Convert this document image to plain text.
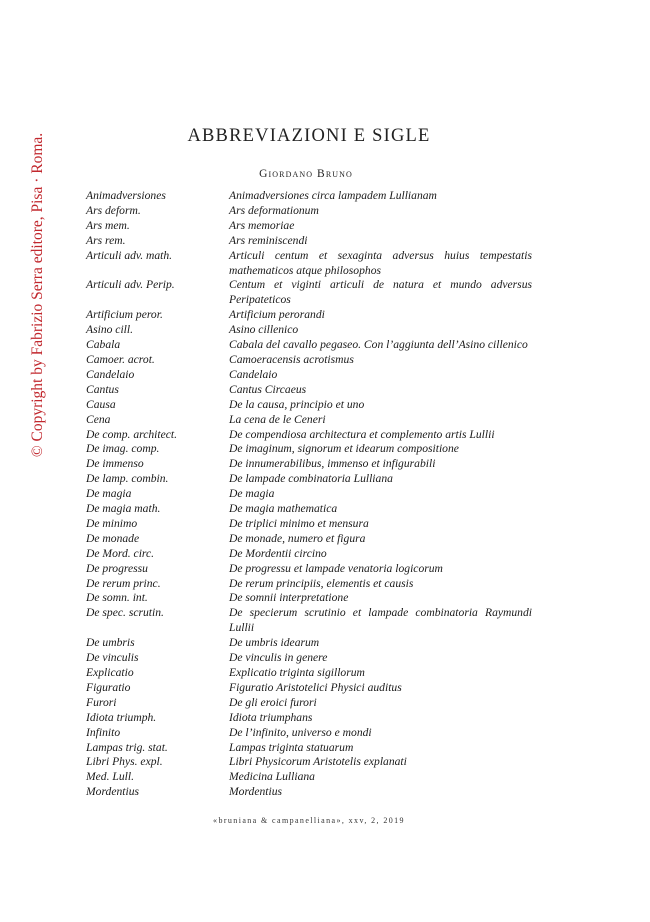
© Copyright by Fabrizio Serra editore, Pisa · Roma.	ABBREVIAZIONI E SIGLE
Giordano Bruno
Animadversiones	Animadversiones circa lampadem Lullianam
Ars deform.	Ars deformationum
Ars mem.	Ars memoriae
Ars rem.	Ars reminiscendi
Articuli adv. math.	Articuli centum et sexaginta adversus huius tempestatis mathematicos atque philosophos
Articuli adv. Perip.	Centum et viginti articuli de natura et mundo adversus Peripateticos
Artificium peror.	Artificium perorandi
Asino cill.	Asino cillenico
Cabala	Cabala del cavallo pegaseo. Con l’aggiunta dell’Asino cillenico
Camoer. acrot.	Camoeracensis acrotismus
Candelaio	Candelaio
Cantus	Cantus Circaeus
Causa	De la causa, principio et uno
Cena	La cena de le Ceneri
De comp. architect.	De compendiosa architectura et complemento artis Lullii
De imag. comp.	De imaginum, signorum et idearum compositione
De immenso	De innumerabilibus, immenso et infigurabili
De lamp. combin.	De lampade combinatoria Lulliana
De magia	De magia
De magia math.	De magia mathematica
De minimo	De triplici minimo et mensura
De monade	De monade, numero et figura
De Mord. circ.	De Mordentii circino
De progressu	De progressu et lampade venatoria logicorum
De rerum princ.	De rerum principiis, elementis et causis
De somn. int.	De somnii interpretatione
De spec. scrutin.	De specierum scrutinio et lampade combinatoria Raymundi Lullii
De umbris	De umbris idearum
De vinculis	De vinculis in genere
Explicatio	Explicatio triginta sigillorum
Figuratio	Figuratio Aristotelici Physici auditus
Furori	De gli eroici furori
Idiota triumph.	Idiota triumphans
Infinito	De l’infinito, universo e mondi
Lampas trig. stat.	Lampas triginta statuarum
Libri Phys. expl.	Libri Physicorum Aristotelis explanati
Med. Lull.	Medicina Lulliana
Mordentius	Mordentius
«bruniana & campanelliana», xxv, 2, 2019
